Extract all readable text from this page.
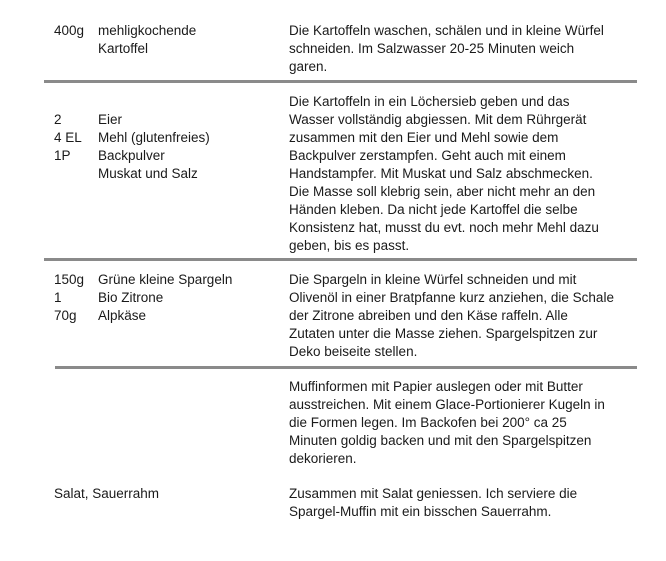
400g	mehligkochende
Kartoffel
Die Kartoffeln waschen, schälen und in kleine Würfel
schneiden. Im Salzwasser 20-25 Minuten weich
garen.
2
4 EL
1P
Eier
Mehl (glutenfreies)
Backpulver
Muskat und Salz
Die Kartoffeln in ein Löchersieb geben und das
Wasser vollständig abgiessen. Mit dem Rührgerät
zusammen mit den Eier und Mehl sowie dem
Backpulver zerstampfen. Geht auch mit einem
Handstampfer. Mit Muskat und Salz abschmecken.
Die Masse soll klebrig sein, aber nicht mehr an den
Händen kleben. Da nicht jede Kartoffel die selbe
Konsistenz hat, musst du evt. noch mehr Mehl dazu
geben, bis es passt.
150g
1
70g
Grüne kleine Spargeln
Bio Zitrone
Alpkäse
Die Spargeln in kleine Würfel schneiden und mit
Olivenöl in einer Bratpfanne kurz anziehen, die Schale
der Zitrone abreiben und den Käse raffeln. Alle
Zutaten unter die Masse ziehen. Spargelspitzen zur
Deko beiseite stellen.
Muffinformen mit Papier auslegen oder mit Butter
ausstreichen. Mit einem Glace-Portionierer Kugeln in
die Formen legen. Im Backofen bei 200° ca 25
Minuten goldig backen und mit den Spargelspitzen
dekorieren.
Salat, Sauerrahm	Zusammen mit Salat geniessen. Ich serviere die
Spargel-Muffin mit ein bisschen Sauerrahm.
